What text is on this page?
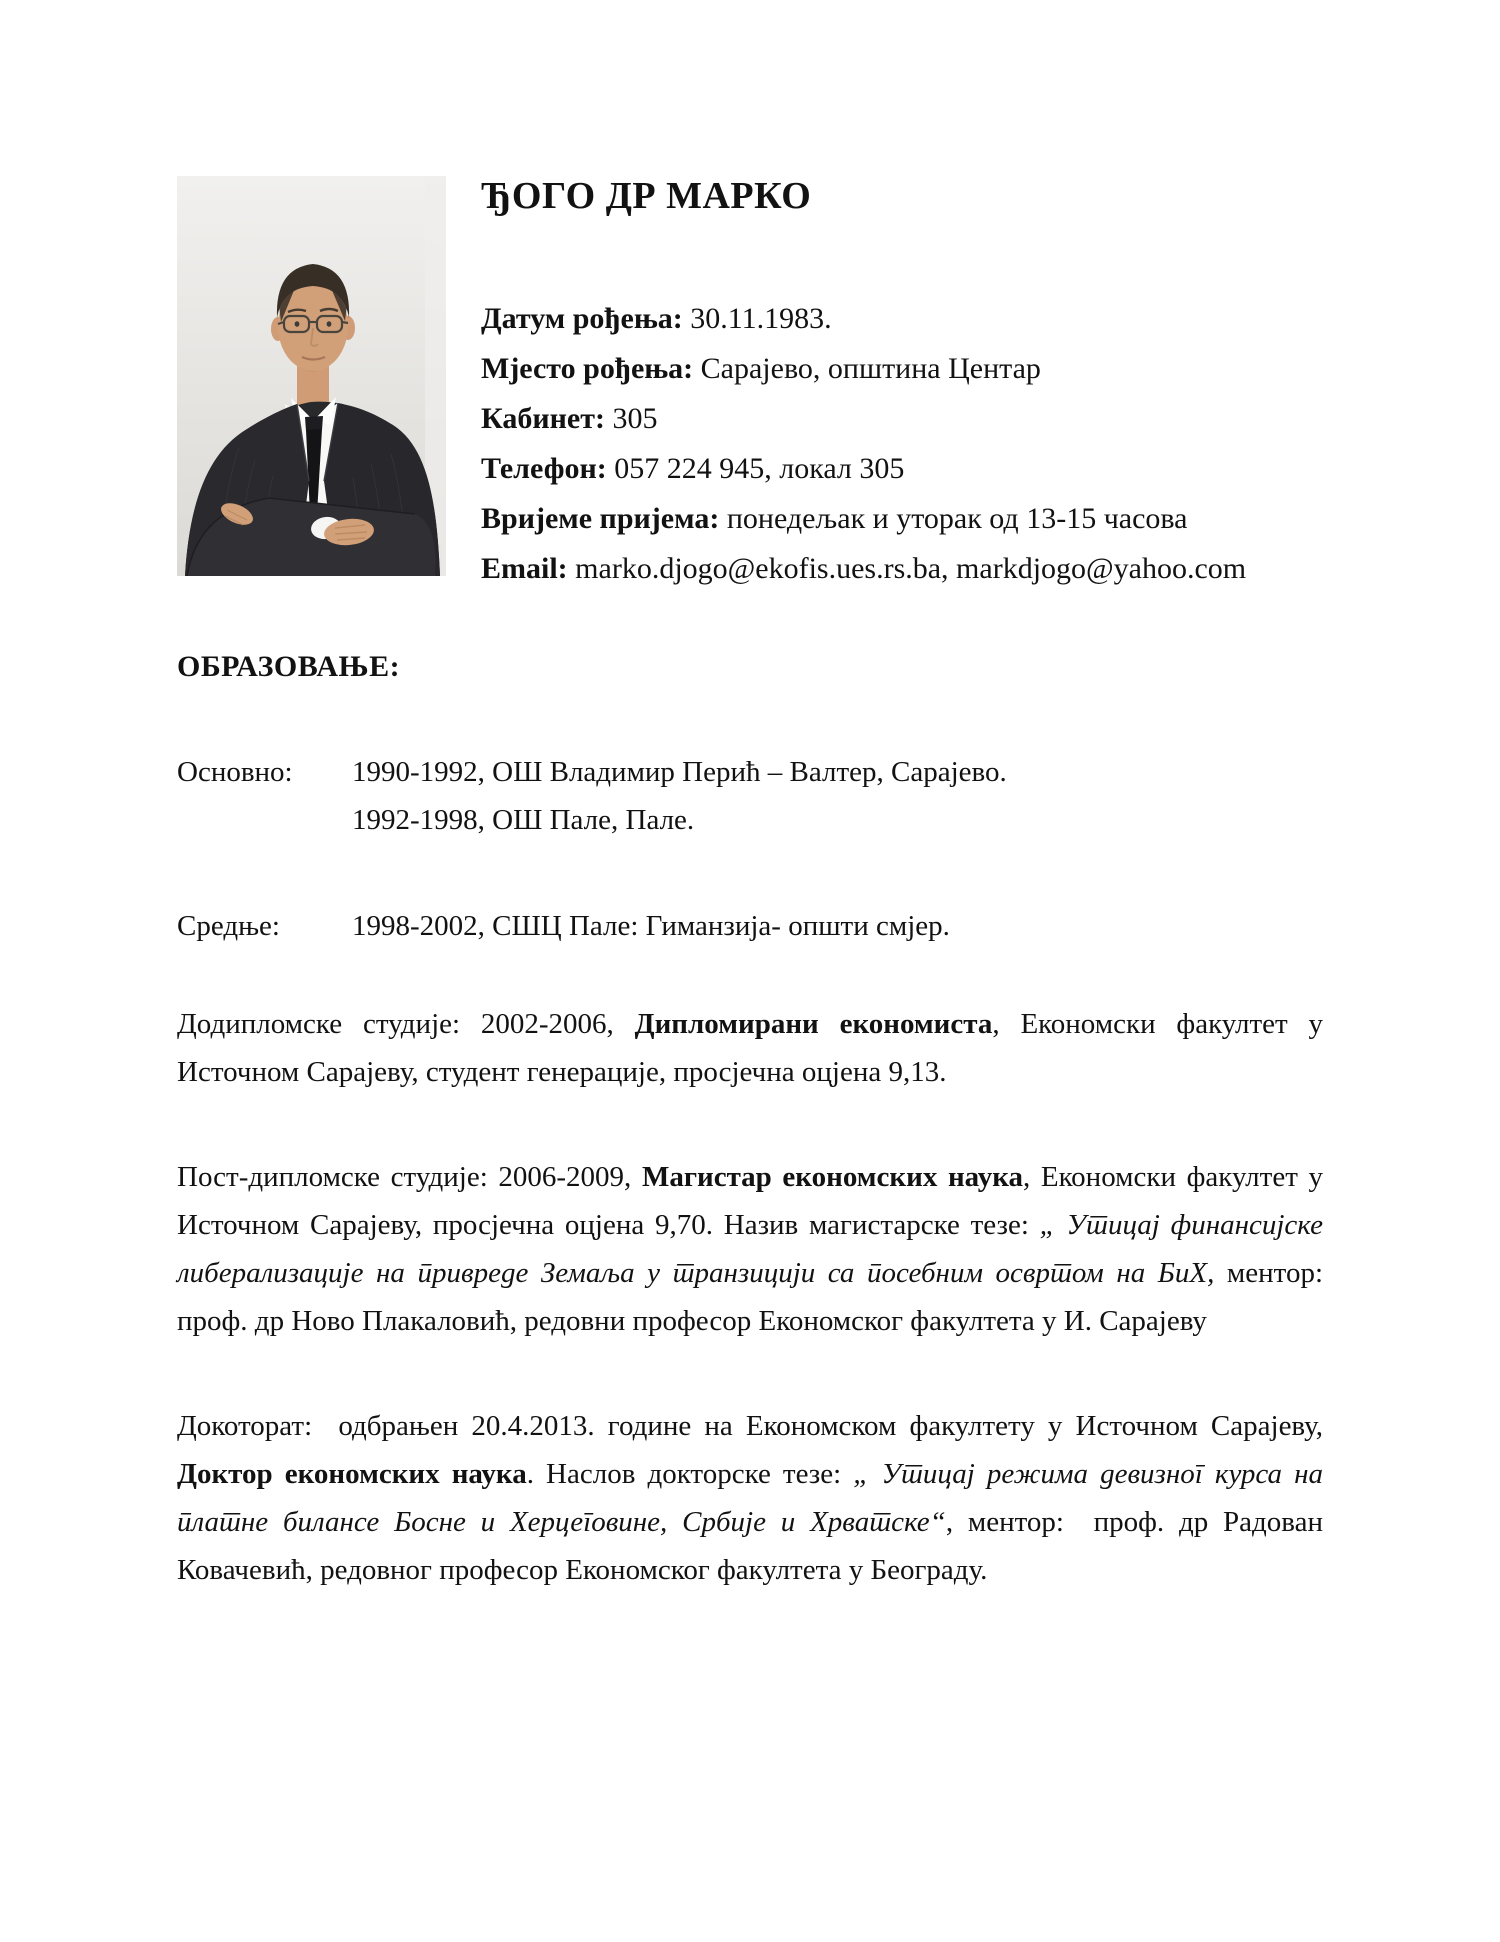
ЂОГО ДР МАРКО
Датум рођења: 30.11.1983.
Мјесто рођења: Сарајево, општина Центар
Кабинет: 305
Телефон: 057 224 945, локал 305
Вријеме пријема: понедељак и уторак од 13-15 часова
Email: marko.djogo@ekofis.ues.rs.ba, markdjogo@yahoo.com
ОБРАЗОВАЊЕ:
Основно:	1990-1992, ОШ Владимир Перић – Валтер, Сарајево.
1992-1998, ОШ Пале, Пале.
Средње:	1998-2002, СШЦ Пале: Гиманзија- општи смјер.
Додипломске студије: 2002-2006, Дипломирани економиста, Економски факултет у
Источном Сарајеву, студент генерације, просјечна оцјена 9,13.
Пост-дипломске студије: 2006-2009, Магистар економских наука, Економски факултет у
Источном Сарајеву, просјечна оцјена 9,70. Назив магистарске тезе: „ Утицај финансијске
либерализације на привреде Земаља у транзицији са посебним освртом на БиХ, ментор:
проф. др Ново Плакаловић, редовни професор Економског факултета у И. Сарајеву
Докоторат:  одбрањен 20.4.2013. године на Економском факултету у Источном Сарајеву,
Доктор економских наука. Наслов докторске тезе: „ Утицај режима девизног курса на
платне билансе Босне и Херцеговине, Србије и Хрватске“, ментор:  проф. др Радован
Ковачевић, редовног професор Економског факултета у Београду.
